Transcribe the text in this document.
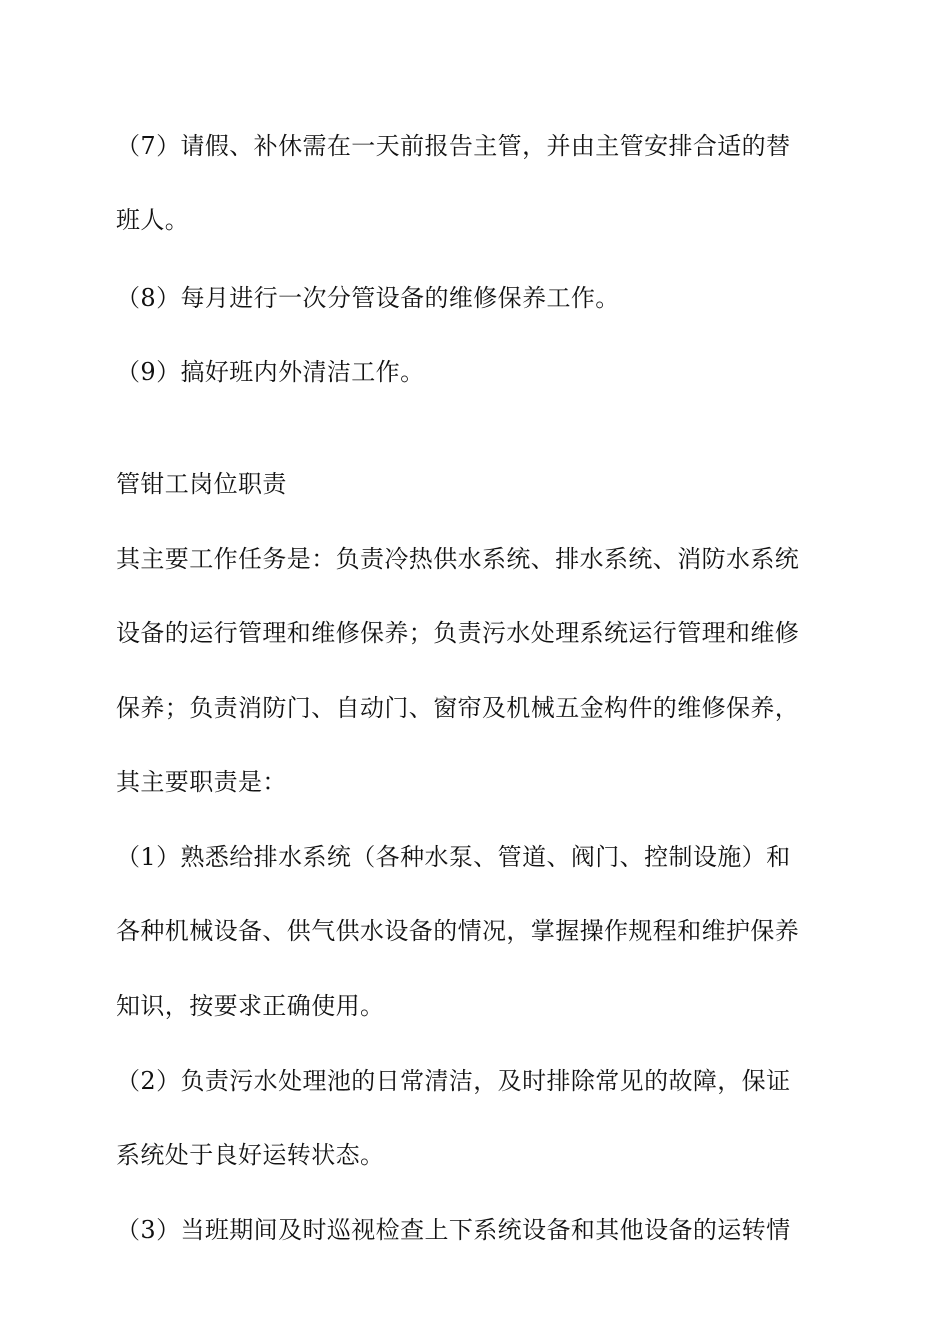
（7）请假、补休需在一天前报告主管，并由主管安排合适的替
班人。
（8）每月进行一次分管设备的维修保养工作。
（9）搞好班内外清洁工作。
管钳工岗位职责
其主要工作任务是：负责冷热供水系统、排水系统、消防水系统
设备的运行管理和维修保养；负责污水处理系统运行管理和维修
保养；负责消防门、自动门、窗帘及机械五金构件的维修保养，
其主要职责是：
（1）熟悉给排水系统（各种水泵、管道、阀门、控制设施）和
各种机械设备、供气供水设备的情况，掌握操作规程和维护保养
知识，按要求正确使用。
（2）负责污水处理池的日常清洁，及时排除常见的故障，保证
系统处于良好运转状态。
（3）当班期间及时巡视检查上下系统设备和其他设备的运转情
